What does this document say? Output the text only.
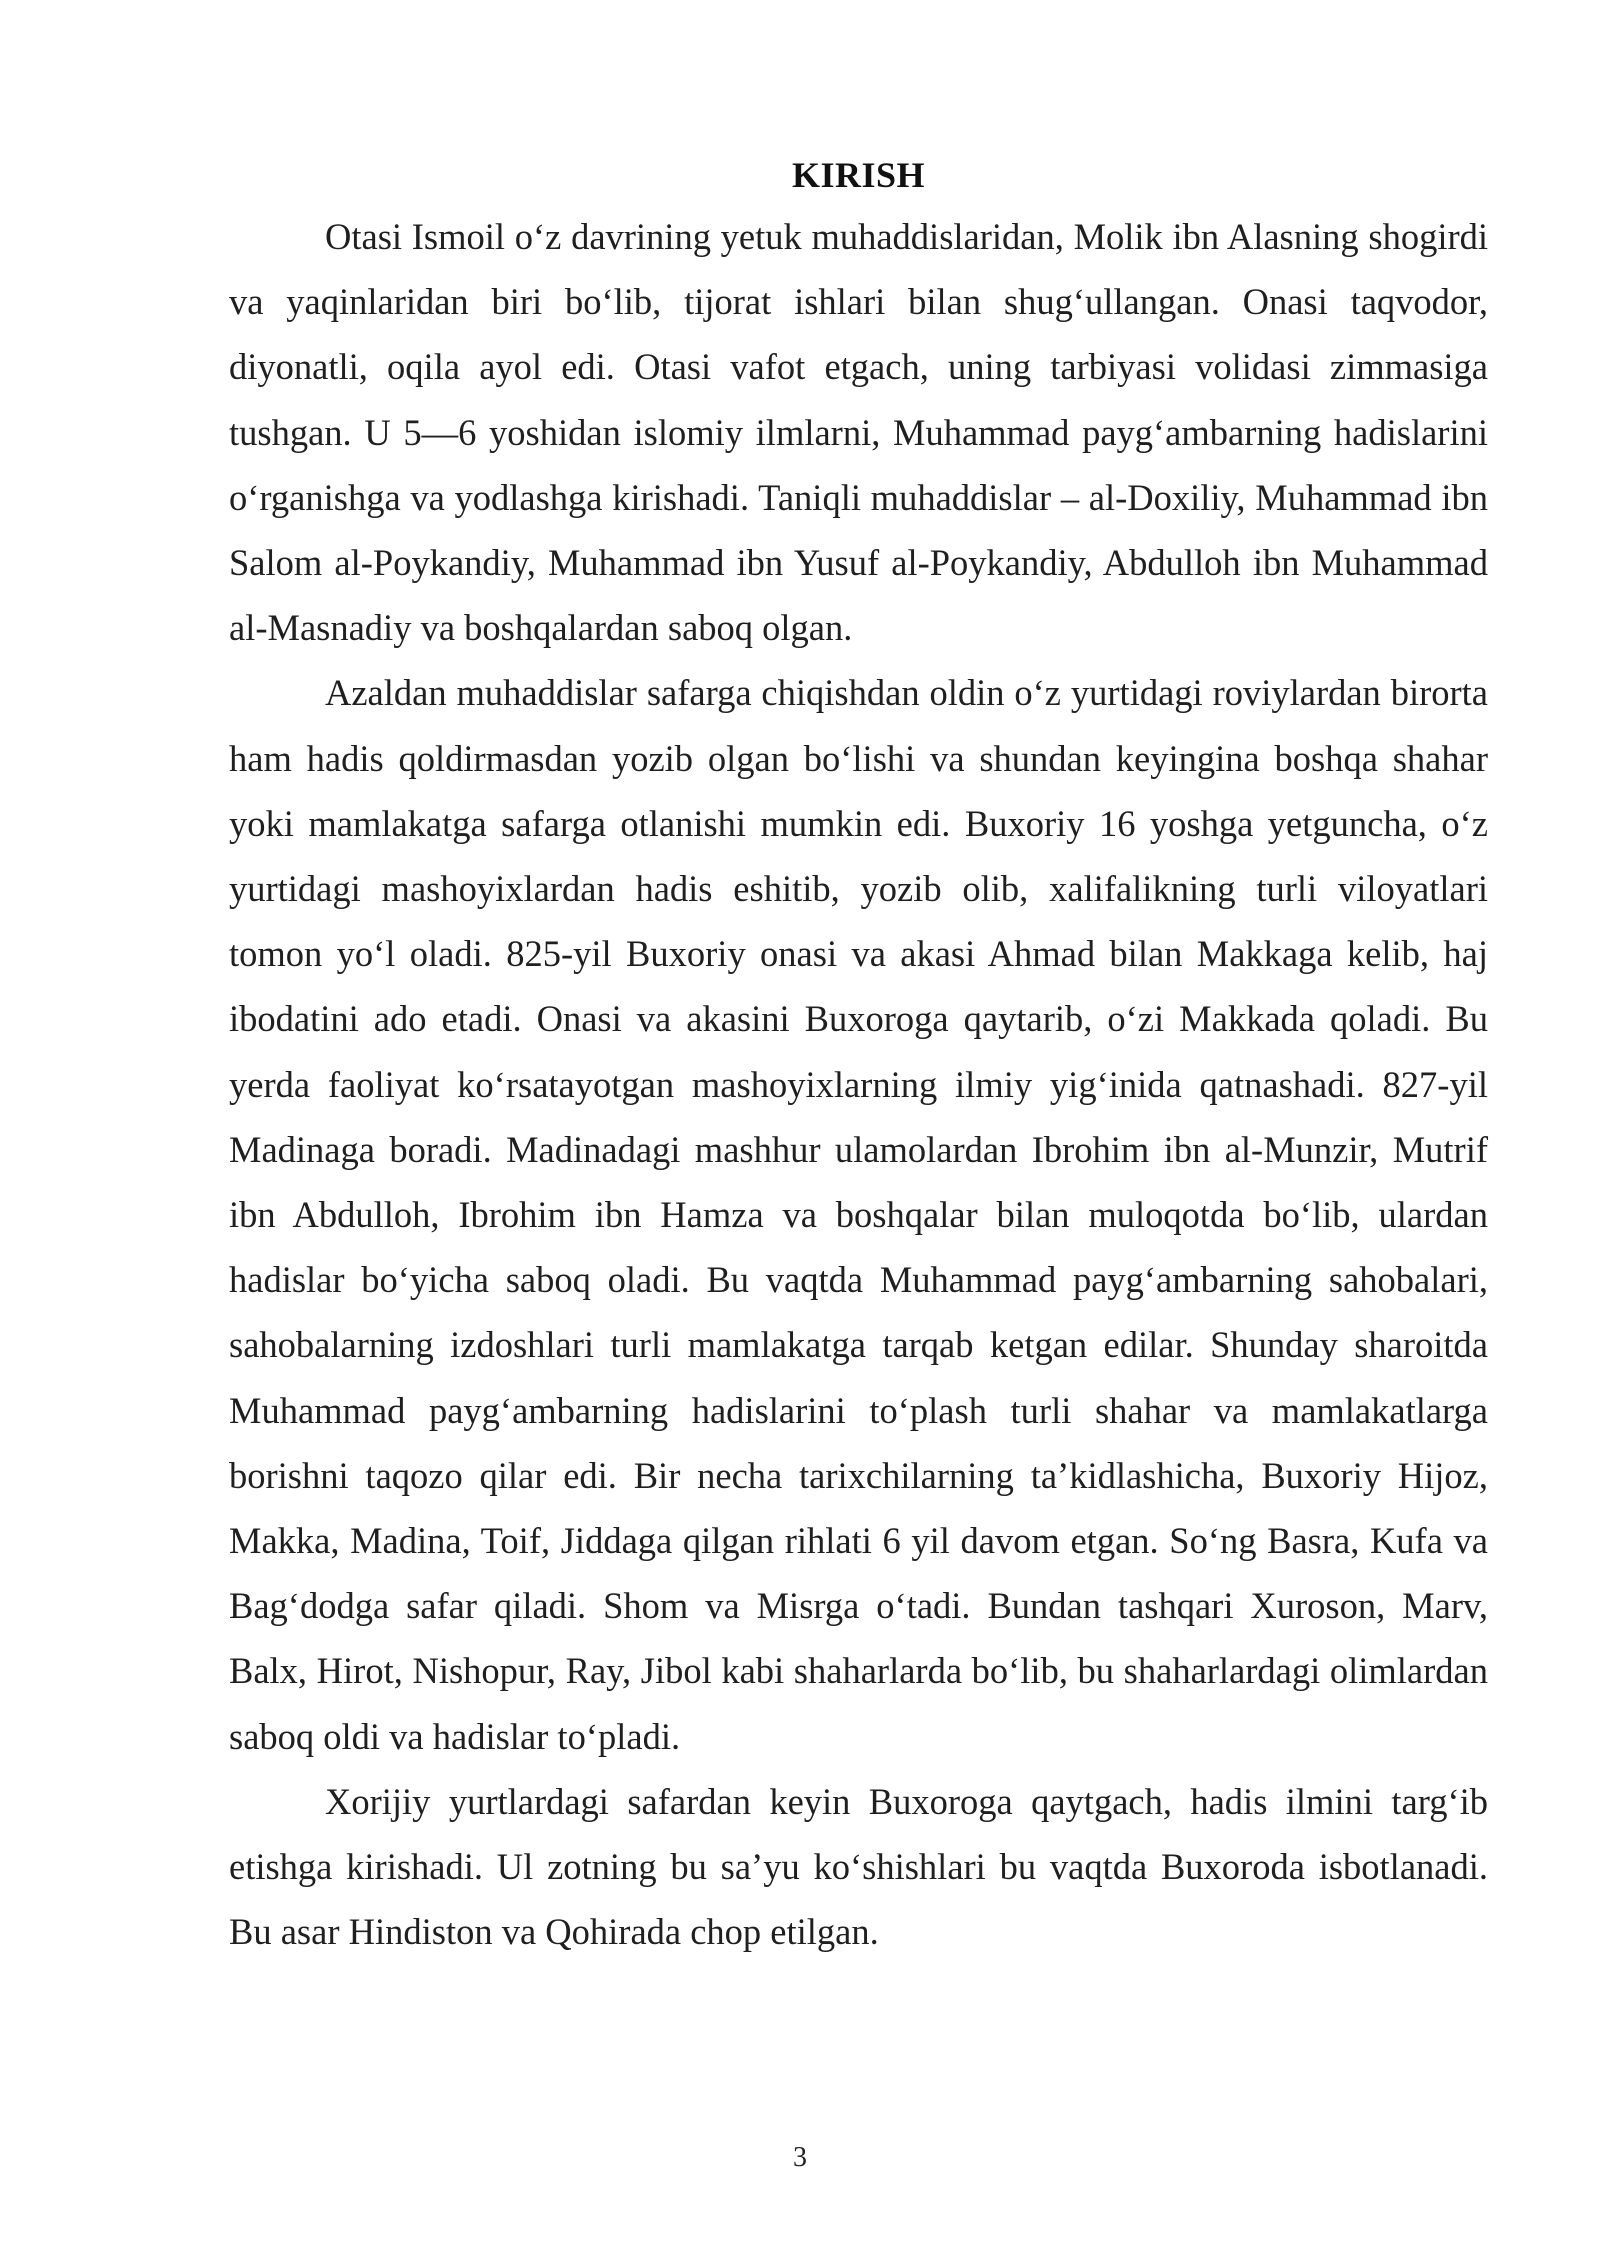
KIRISH

Otasi Ismoil o‘z davrining yetuk muhaddislaridan, Molik ibn Alasning shogirdi va yaqinlaridan biri bo‘lib, tijorat ishlari bilan shug‘ullangan. Onasi taqvodor, diyonatli, oqila ayol edi. Otasi vafot etgach, uning tarbiyasi volidasi zimmasiga tushgan. U 5—6 yoshidan islomiy ilmlarni, Muhammad payg‘ambarning hadislarini o‘rganishga va yodlashga kirishadi. Taniqli muhaddislar – al-Doxiliy, Muhammad ibn Salom al-Poykandiy, Muhammad ibn Yusuf al-Poykandiy, Abdulloh ibn Muhammad al-Masnadiy va boshqalardan saboq olgan.

Azaldan muhaddislar safarga chiqishdan oldin o‘z yurtidagi roviylardan birorta ham hadis qoldirmasdan yozib olgan bo‘lishi va shundan keyingina boshqa shahar yoki mamlakatga safarga otlanishi mumkin edi. Buxoriy 16 yoshga yetguncha, o‘z yurtidagi mashoyixlardan hadis eshitib, yozib olib, xalifalikning turli viloyatlari tomon yo‘l oladi. 825-yil Buxoriy onasi va akasi Ahmad bilan Makkaga kelib, haj ibodatini ado etadi. Onasi va akasini Buxoroga qaytarib, o‘zi Makkada qoladi. Bu yerda faoliyat ko‘rsatayotgan mashoyixlarning ilmiy yig‘inida qatnashadi. 827-yil Madinaga boradi. Madinadagi mashhur ulamolardan Ibrohim ibn al-Munzir, Mutrif ibn Abdulloh, Ibrohim ibn Hamza va boshqalar bilan muloqotda bo‘lib, ulardan hadislar bo‘yicha saboq oladi. Bu vaqtda Muhammad payg‘ambarning sahobalari, sahobalarning izdoshlari turli mamlakatga tarqab ketgan edilar. Shunday sharoitda Muhammad payg‘ambarning hadislarini to‘plash turli shahar va mamlakatlarga borishni taqozo qilar edi. Bir necha tarixchilarning ta’kidlashicha, Buxoriy Hijoz, Makka, Madina, Toif, Jiddaga qilgan rihlati 6 yil davom etgan. So‘ng Basra, Kufa va Bag‘dodga safar qiladi. Shom va Misrga o‘tadi. Bundan tashqari Xuroson, Marv, Balx, Hirot, Nishopur, Ray, Jibol kabi shaharlarda bo‘lib, bu shaharlardagi olimlardan saboq oldi va hadislar to‘pladi.

Xorijiy yurtlardagi safardan keyin Buxoroga qaytgach, hadis ilmini targ‘ib etishga kirishadi. Ul zotning bu sa’yu ko‘shishlari bu vaqtda Buxoroda isbotlanadi. Bu asar Hindiston va Qohirada chop etilgan.

3
